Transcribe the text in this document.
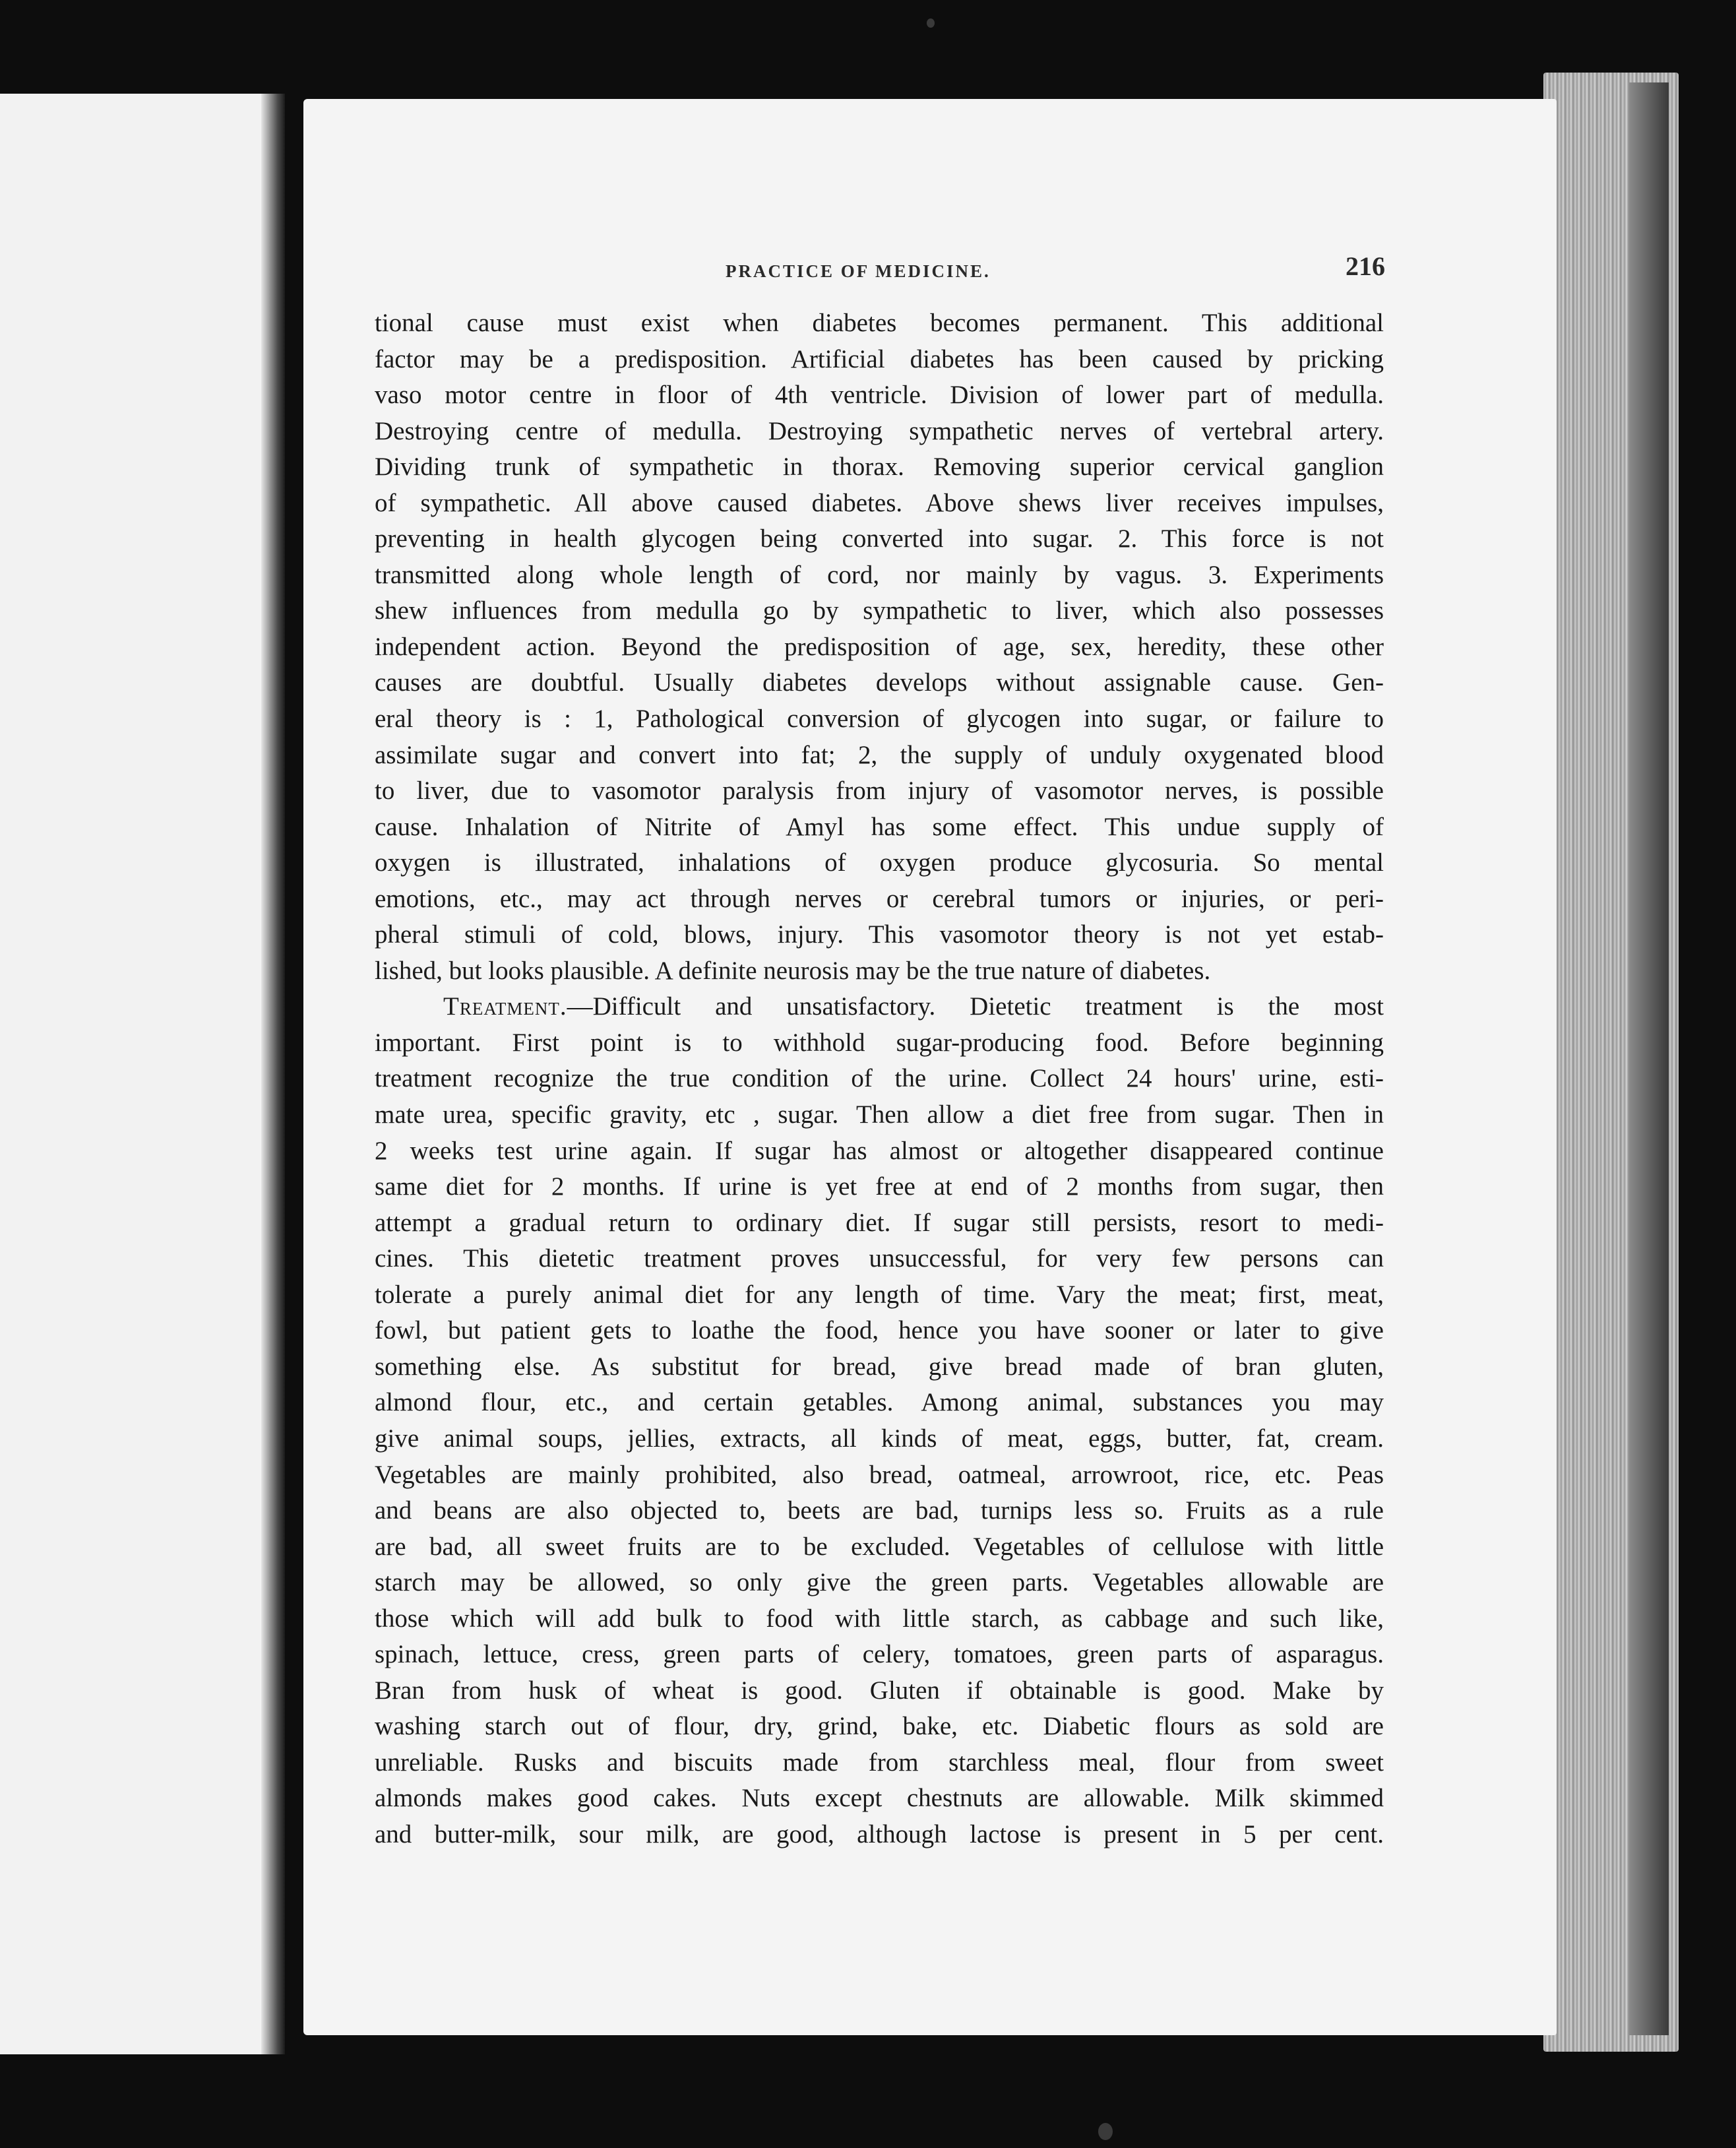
PRACTICE OF MEDICINE.	216
tional cause must exist when diabetes becomes permanent. This additional
factor may be a predisposition. Artificial diabetes has been caused by pricking
vaso motor centre in floor of 4th ventricle. Division of lower part of medulla.
Destroying centre of medulla. Destroying sympathetic nerves of vertebral artery.
Dividing trunk of sympathetic in thorax. Removing superior cervical ganglion
of sympathetic. All above caused diabetes. Above shews liver receives impulses,
preventing in health glycogen being converted into sugar. 2. This force is not
transmitted along whole length of cord, nor mainly by vagus. 3. Experiments
shew influences from medulla go by sympathetic to liver, which also possesses
independent action. Beyond the predisposition of age, sex, heredity, these other
causes are doubtful. Usually diabetes develops without assignable cause. Gen-
eral theory is : 1, Pathological conversion of glycogen into sugar, or failure to
assimilate sugar and convert into fat; 2, the supply of unduly oxygenated blood
to liver, due to vasomotor paralysis from injury of vasomotor nerves, is possible
cause. Inhalation of Nitrite of Amyl has some effect. This undue supply of
oxygen is illustrated, inhalations of oxygen produce glycosuria. So mental
emotions, etc., may act through nerves or cerebral tumors or injuries, or peri-
pheral stimuli of cold, blows, injury. This vasomotor theory is not yet estab-
lished, but looks plausible. A definite neurosis may be the true nature of diabetes.
Treatment.—Difficult and unsatisfactory. Dietetic treatment is the most
important. First point is to withhold sugar-producing food. Before beginning
treatment recognize the true condition of the urine. Collect 24 hours' urine, esti-
mate urea, specific gravity, etc , sugar. Then allow a diet free from sugar. Then in
2 weeks test urine again. If sugar has almost or altogether disappeared continue
same diet for 2 months. If urine is yet free at end of 2 months from sugar, then
attempt a gradual return to ordinary diet. If sugar still persists, resort to medi-
cines. This dietetic treatment proves unsuccessful, for very few persons can
tolerate a purely animal diet for any length of time. Vary the meat; first, meat,
fowl, but patient gets to loathe the food, hence you have sooner or later to give
something else. As substitut for bread, give bread made of bran gluten,
almond flour, etc., and certain getables. Among animal, substances you may
give animal soups, jellies, extracts, all kinds of meat, eggs, butter, fat, cream.
Vegetables are mainly prohibited, also bread, oatmeal, arrowroot, rice, etc. Peas
and beans are also objected to, beets are bad, turnips less so. Fruits as a rule
are bad, all sweet fruits are to be excluded. Vegetables of cellulose with little
starch may be allowed, so only give the green parts. Vegetables allowable are
those which will add bulk to food with little starch, as cabbage and such like,
spinach, lettuce, cress, green parts of celery, tomatoes, green parts of asparagus.
Bran from husk of wheat is good. Gluten if obtainable is good. Make by
washing starch out of flour, dry, grind, bake, etc. Diabetic flours as sold are
unreliable. Rusks and biscuits made from starchless meal, flour from sweet
almonds makes good cakes. Nuts except chestnuts are allowable. Milk skimmed
and butter-milk, sour milk, are good, although lactose is present in 5 per cent.
